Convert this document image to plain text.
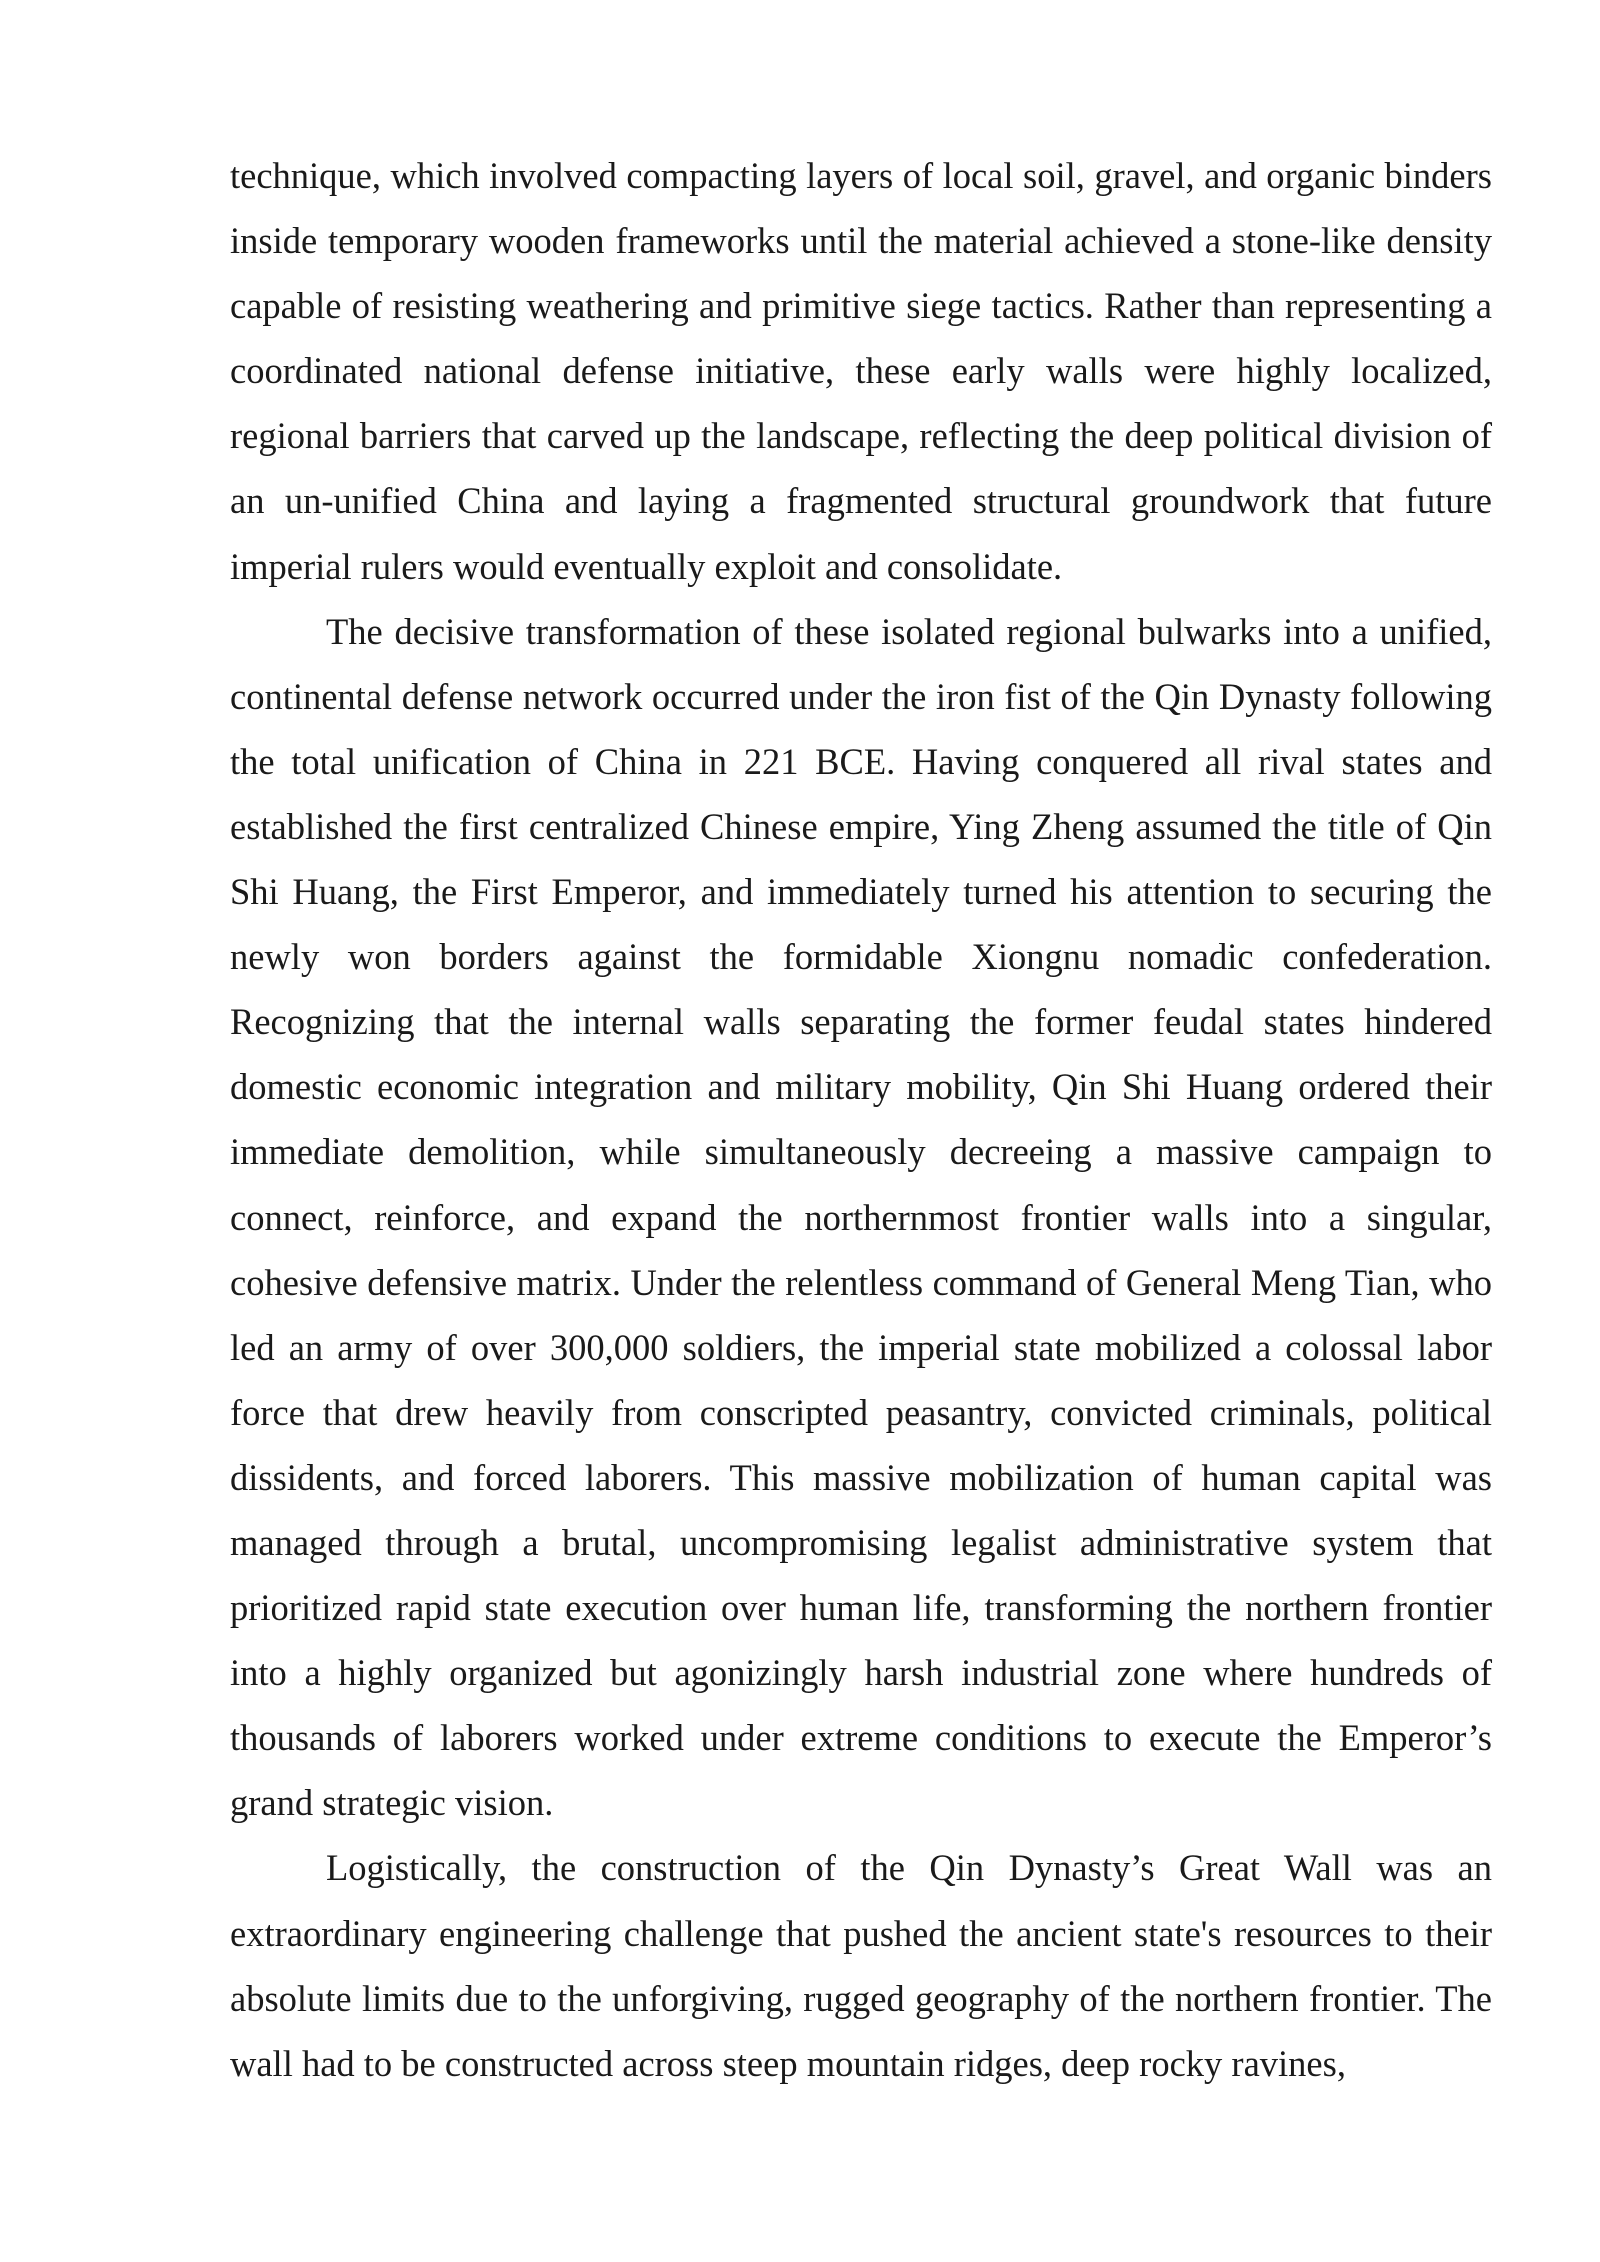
technique, which involved compacting layers of local soil, gravel, and organic binders inside temporary wooden frameworks until the material achieved a stone-like density capable of resisting weathering and primitive siege tactics. Rather than representing a coordinated national defense initiative, these early walls were highly localized, regional barriers that carved up the landscape, reflecting the deep political division of an un-unified China and laying a fragmented structural groundwork that future imperial rulers would eventually exploit and consolidate.

The decisive transformation of these isolated regional bulwarks into a unified, continental defense network occurred under the iron fist of the Qin Dynasty following the total unification of China in 221 BCE. Having conquered all rival states and established the first centralized Chinese empire, Ying Zheng assumed the title of Qin Shi Huang, the First Emperor, and immediately turned his attention to securing the newly won borders against the formidable Xiongnu nomadic confederation. Recognizing that the internal walls separating the former feudal states hindered domestic economic integration and military mobility, Qin Shi Huang ordered their immediate demolition, while simultaneously decreeing a massive campaign to connect, reinforce, and expand the northernmost frontier walls into a singular, cohesive defensive matrix. Under the relentless command of General Meng Tian, who led an army of over 300,000 soldiers, the imperial state mobilized a colossal labor force that drew heavily from conscripted peasantry, convicted criminals, political dissidents, and forced laborers. This massive mobilization of human capital was managed through a brutal, uncompromising legalist administrative system that prioritized rapid state execution over human life, transforming the northern frontier into a highly organized but agonizingly harsh industrial zone where hundreds of thousands of laborers worked under extreme conditions to execute the Emperor’s grand strategic vision.

Logistically, the construction of the Qin Dynasty’s Great Wall was an extraordinary engineering challenge that pushed the ancient state's resources to their absolute limits due to the unforgiving, rugged geography of the northern frontier. The wall had to be constructed across steep mountain ridges, deep rocky ravines,
